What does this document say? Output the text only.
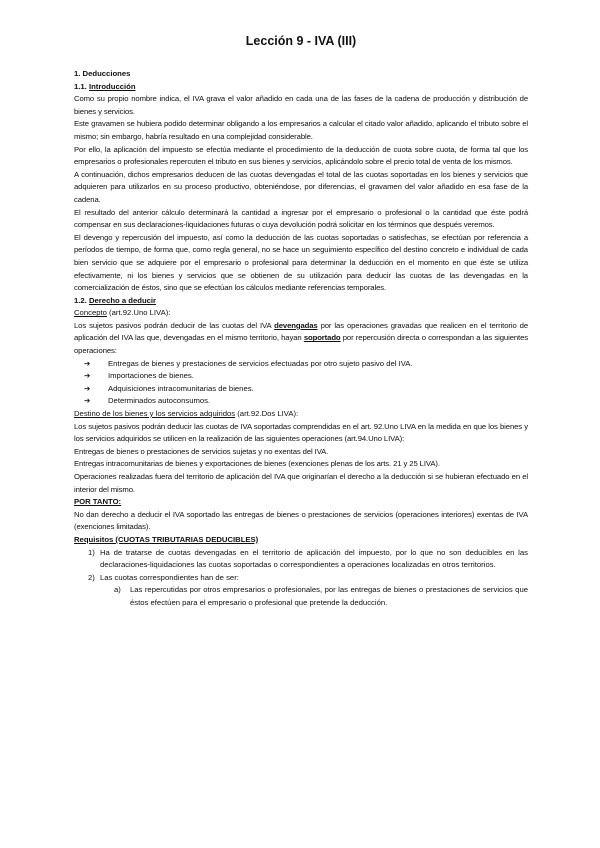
Lección 9 - IVA (III)

1. Deducciones

1.1. Introducción

Como su propio nombre indica, el IVA grava el valor añadido en cada una de las fases de la cadena de producción y distribución de bienes y servicios.

Este gravamen se hubiera podido determinar obligando a los empresarios a calcular el citado valor añadido, aplicando el tributo sobre el mismo; sin embargo, habría resultado en una complejidad considerable.

Por ello, la aplicación del impuesto se efectúa mediante el procedimiento de la deducción de cuota sobre cuota, de forma tal que los empresarios o profesionales repercuten el tributo en sus bienes y servicios, aplicándolo sobre el precio total de venta de los mismos.

A continuación, dichos empresarios deducen de las cuotas devengadas el total de las cuotas soportadas en los bienes y servicios que adquieren para utilizarlos en su proceso productivo, obteniéndose, por diferencias, el gravamen del valor añadido en esa fase de la cadena.

El resultado del anterior cálculo determinará la cantidad a ingresar por el empresario o profesional o la cantidad que éste podrá compensar en sus declaraciones-liquidaciones futuras o cuya devolución podrá solicitar en los términos que después veremos.

El devengo y repercusión del impuesto, así como la deducción de las cuotas soportadas o satisfechas, se efectúan por referencia a períodos de tiempo, de forma que, como regla general, no se hace un seguimiento específico del destino concreto e individual de cada bien servicio que se adquiere por el empresario o profesional para determinar la deducción en el momento en que éste se utiliza efectivamente, ni los bienes y servicios que se obtienen de su utilización para deducir las cuotas de las devengadas en la comercialización de éstos, sino que se efectúan los cálculos mediante referencias temporales.

1.2. Derecho a deducir

Concepto (art.92.Uno LIVA):

Los sujetos pasivos podrán deducir de las cuotas del IVA devengadas por las operaciones gravadas que realicen en el territorio de aplicación del IVA las que, devengadas en el mismo territorio, hayan soportado por repercusión directa o correspondan a las siguientes operaciones:

➔ Entregas de bienes y prestaciones de servicios efectuadas por otro sujeto pasivo del IVA.
➔ Importaciones de bienes.
➔ Adquisiciones intracomunitarias de bienes.
➔ Determinados autoconsumos.

Destino de los bienes y los servicios adquiridos (art.92.Dos LIVA):

Los sujetos pasivos podrán deducir las cuotas de IVA soportadas comprendidas en el art. 92.Uno LIVA en la medida en que los bienes y los servicios adquiridos se utilicen en la realización de las siguientes operaciones (art.94.Uno LIVA):

Entregas de bienes o prestaciones de servicios sujetas y no exentas del IVA.

Entregas intracomunitarias de bienes y exportaciones de bienes (exenciones plenas de los arts. 21 y 25 LIVA).

Operaciones realizadas fuera del territorio de aplicación del IVA que originarían el derecho a la deducción si se hubieran efectuado en el interior del mismo.

POR TANTO:

No dan derecho a deducir el IVA soportado las entregas de bienes o prestaciones de servicios (operaciones interiores) exentas de IVA (exenciones limitadas).

Requisitos (CUOTAS TRIBUTARIAS DEDUCIBLES)

1) Ha de tratarse de cuotas devengadas en el territorio de aplicación del impuesto, por lo que no son deducibles en las declaraciones-liquidaciones las cuotas soportadas o correspondientes a operaciones localizadas en otros territorios.
2) Las cuotas correspondientes han de ser:
a) Las repercutidas por otros empresarios o profesionales, por las entregas de bienes o prestaciones de servicios que éstos efectúen para el empresario o profesional que pretende la deducción.
